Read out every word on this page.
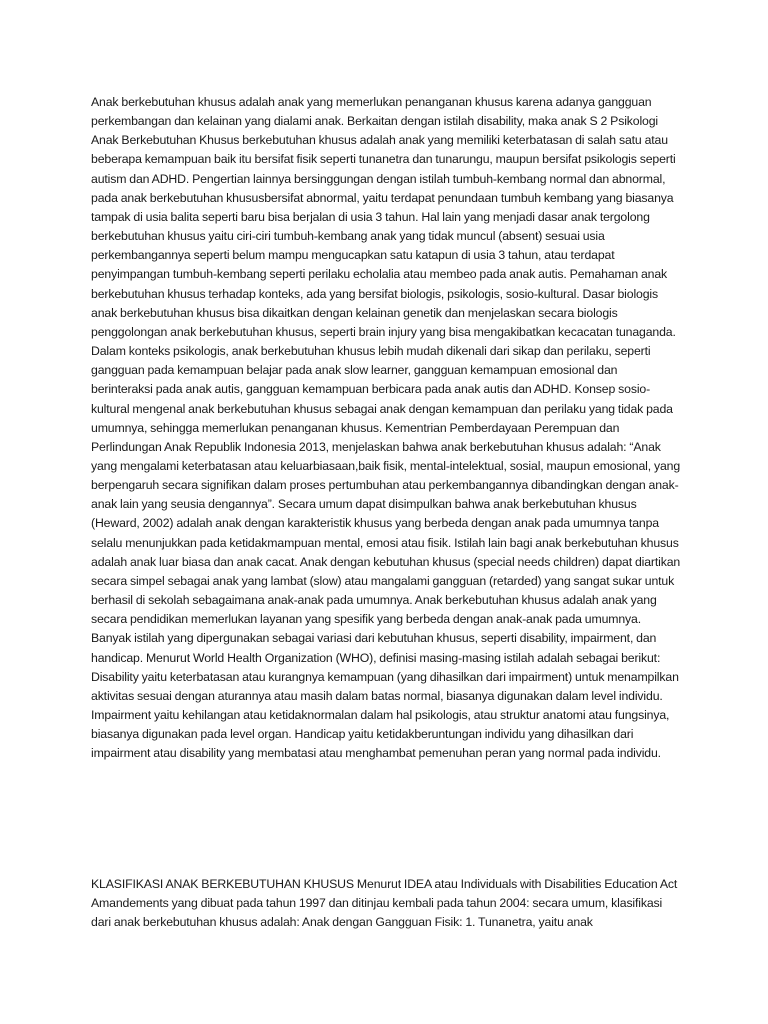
Anak berkebutuhan khusus adalah anak yang memerlukan penanganan khusus karena adanya gangguan perkembangan dan kelainan yang dialami anak. Berkaitan dengan istilah disability, maka anak S 2 Psikologi Anak Berkebutuhan Khusus berkebutuhan khusus adalah anak yang memiliki keterbatasan di salah satu atau beberapa kemampuan baik itu bersifat fisik seperti tunanetra dan tunarungu, maupun bersifat psikologis seperti autism dan ADHD. Pengertian lainnya bersinggungan dengan istilah tumbuh-kembang normal dan abnormal, pada anak berkebutuhan khususbersifat abnormal, yaitu terdapat penundaan tumbuh kembang yang biasanya tampak di usia balita seperti baru bisa berjalan di usia 3 tahun. Hal lain yang menjadi dasar anak tergolong berkebutuhan khusus yaitu ciri-ciri tumbuh-kembang anak yang tidak muncul (absent) sesuai usia perkembangannya seperti belum mampu mengucapkan satu katapun di usia 3 tahun, atau terdapat penyimpangan tumbuh-kembang seperti perilaku echolalia atau membeo pada anak autis. Pemahaman anak berkebutuhan khusus terhadap konteks, ada yang bersifat biologis, psikologis, sosio-kultural. Dasar biologis anak berkebutuhan khusus bisa dikaitkan dengan kelainan genetik dan menjelaskan secara biologis penggolongan anak berkebutuhan khusus, seperti brain injury yang bisa mengakibatkan kecacatan tunaganda. Dalam konteks psikologis, anak berkebutuhan khusus lebih mudah dikenali dari sikap dan perilaku, seperti gangguan pada kemampuan belajar pada anak slow learner, gangguan kemampuan emosional dan berinteraksi pada anak autis, gangguan kemampuan berbicara pada anak autis dan ADHD. Konsep sosio-kultural mengenal anak berkebutuhan khusus sebagai anak dengan kemampuan dan perilaku yang tidak pada umumnya, sehingga memerlukan penanganan khusus. Kementrian Pemberdayaan Perempuan dan Perlindungan Anak Republik Indonesia 2013, menjelaskan bahwa anak berkebutuhan khusus adalah: “Anak yang mengalami keterbatasan atau keluarbiasaan,baik fisik, mental-intelektual, sosial, maupun emosional, yang berpengaruh secara signifikan dalam proses pertumbuhan atau perkembangannya dibandingkan dengan anak-anak lain yang seusia dengannya”. Secara umum dapat disimpulkan bahwa anak berkebutuhan khusus (Heward, 2002) adalah anak dengan karakteristik khusus yang berbeda dengan anak pada umumnya tanpa selalu menunjukkan pada ketidakmampuan mental, emosi atau fisik. Istilah lain bagi anak berkebutuhan khusus adalah anak luar biasa dan anak cacat. Anak dengan kebutuhan khusus (special needs children) dapat diartikan secara simpel sebagai anak yang lambat (slow) atau mangalami gangguan (retarded) yang sangat sukar untuk berhasil di sekolah sebagaimana anak-anak pada umumnya. Anak berkebutuhan khusus adalah anak yang secara pendidikan memerlukan layanan yang spesifik yang berbeda dengan anak-anak pada umumnya. Banyak istilah yang dipergunakan sebagai variasi dari kebutuhan khusus, seperti disability, impairment, dan handicap. Menurut World Health Organization (WHO), definisi masing-masing istilah adalah sebagai berikut: Disability yaitu keterbatasan atau kurangnya kemampuan (yang dihasilkan dari impairment) untuk menampilkan aktivitas sesuai dengan aturannya atau masih dalam batas normal, biasanya digunakan dalam level individu. Impairment yaitu kehilangan atau ketidaknormalan dalam hal psikologis, atau struktur anatomi atau fungsinya, biasanya digunakan pada level organ. Handicap yaitu ketidakberuntungan individu yang dihasilkan dari impairment atau disability yang membatasi atau menghambat pemenuhan peran yang normal pada individu.

KLASIFIKASI ANAK BERKEBUTUHAN KHUSUS Menurut IDEA atau Individuals with Disabilities Education Act Amandements yang dibuat pada tahun 1997 dan ditinjau kembali pada tahun 2004: secara umum, klasifikasi dari anak berkebutuhan khusus adalah: Anak dengan Gangguan Fisik: 1. Tunanetra, yaitu anak
